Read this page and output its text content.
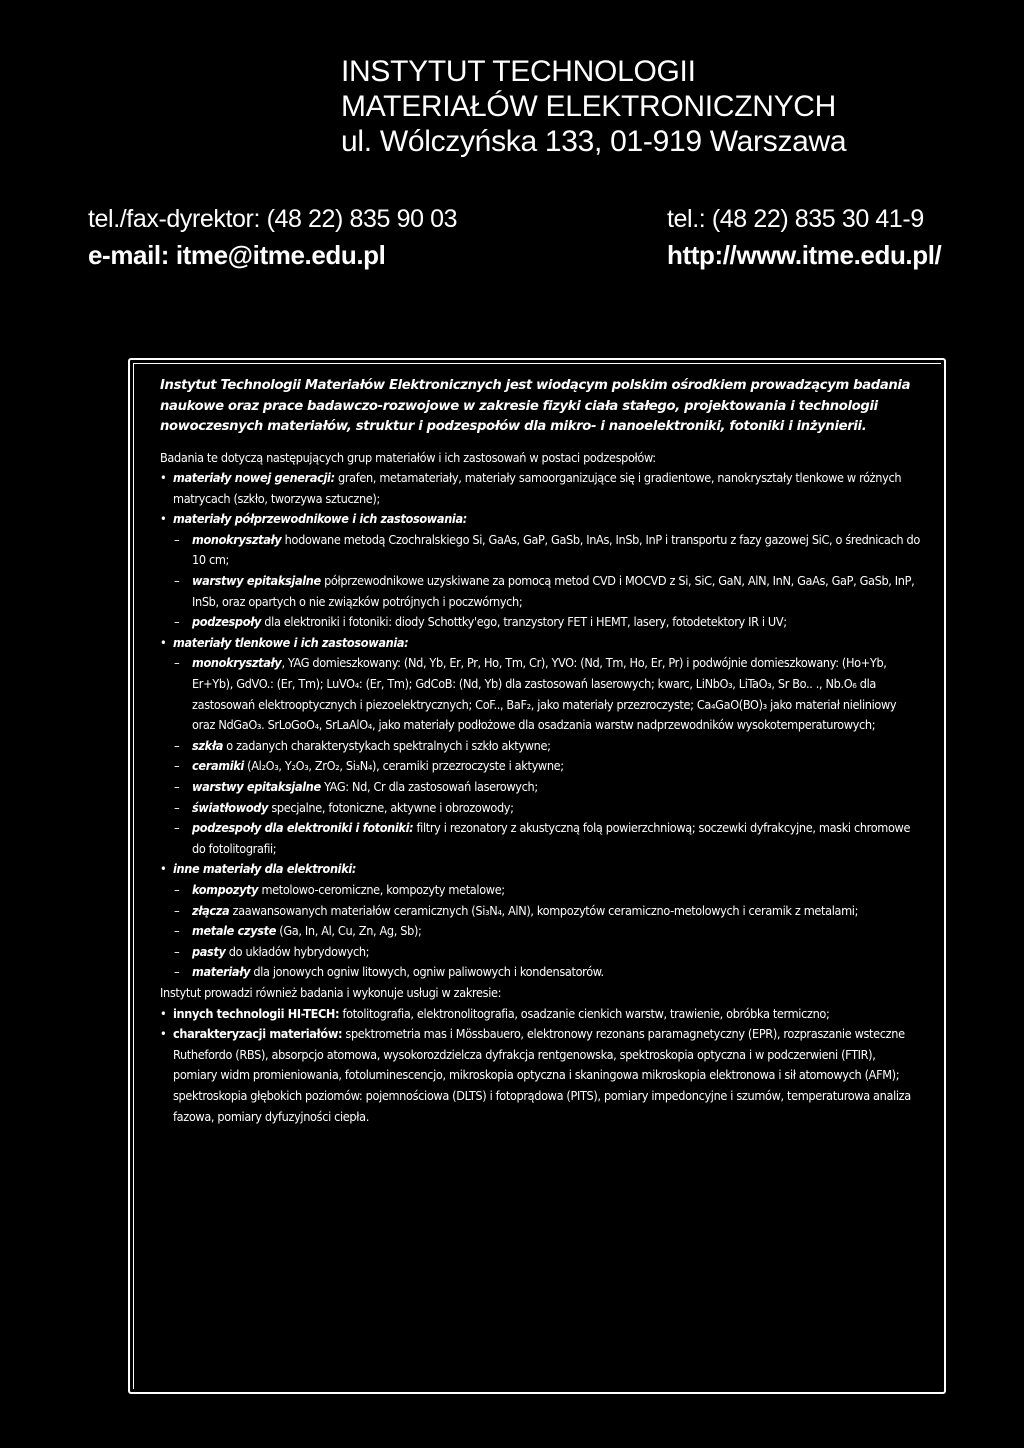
INSTYTUT TECHNOLOGII
MATERIAŁÓW ELEKTRONICZNYCH
ul. Wólczyńska 133, 01-919 Warszawa
tel./fax-dyrektor: (48 22) 835 90 03	tel.: (48 22) 835 30 41-9
e-mail: itme@itme.edu.pl	http://www.itme.edu.pl/

Instytut Technologii Materiałów Elektronicznych jest wiodącym polskim ośrodkiem prowadzącym badania naukowe oraz prace badawczo-rozwojowe w zakresie fizyki ciała stałego, projektowania i technologii nowoczesnych materiałów, struktur i podzespołów dla mikro- i nanoelektroniki, fotoniki i inżynierii.

Badania te dotyczą następujących grup materiałów i ich zastosowań w postaci podzespołów:

• materiały nowej generacji: grafen, metamateriały, materiały samoorganizujące się i gradientowe, nanokryształy tlenkowe w różnych matrycach (szkło, tworzywa sztuczne);
• materiały półprzewodnikowe i ich zastosowania:
–	monokryształy hodowane metodą Czochralskiego Si, GaAs, GaP, GaSb, InAs, InSb, InP i transportu z fazy gazowej SiC, o średnicach do 10 cm;
–	warstwy epitaksjalne półprzewodnikowe uzyskiwane za pomocą metod CVD i MOCVD z Si, SiC, GaN, AlN, InN, GaAs, GaP, GaSb, InP, InSb, oraz opartych o nie związków potrójnych i poczwórnych;
–	podzespoły dla elektroniki i fotoniki: diody Schottky'ego, tranzystory FET i HEMT, lasery, fotodetektory IR i UV;
• materiały tlenkowe i ich zastosowania:
–	monokryształy, YAG domieszkowany: (Nd, Yb, Er, Pr, Ho, Tm, Cr), YVO: (Nd, Tm, Ho, Er, Pr) i podwójnie domieszkowany: (Ho+Yb, Er+Yb), GdVO.: (Er, Tm); LuVO₄: (Er, Tm); GdCoB: (Nd, Yb) dla zastosowań laserowych; kwarc, LiNbO₃, LiTaO₃, Sr Bo.. ., Nb.O₆ dla zastosowań elektrooptycznych i piezoelektrycznych; CoF.., BaF₂, jako materiały przezroczyste; Ca₄GaO(BO)₃ jako materiał nieliniowy oraz NdGaO₃. SrLoGoO₄, SrLaAlO₄, jako materiały podłożowe dla osadzania warstw nadprzewodników wysokotemperaturowych;
–	szkła o zadanych charakterystykach spektralnych i szkło aktywne;
–	ceramiki (Al₂O₃, Y₂O₃, ZrO₂, Si₃N₄), ceramiki przezroczyste i aktywne;
–	warstwy epitaksjalne YAG: Nd, Cr dla zastosowań laserowych;
–	światłowody specjalne, fotoniczne, aktywne i obrozowody;
–	podzespoły dla elektroniki i fotoniki: filtry i rezonatory z akustyczną folą powierzchniową; soczewki dyfrakcyjne, maski chromowe do fotolitografii;
• inne materiały dla elektroniki:
–	kompozyty metolowo-ceromiczne, kompozyty metalowe;
–	złącza zaawansowanych materiałów ceramicznych (Si₃N₄, AlN), kompozytów ceramiczno-metolowych i ceramik z metalami;
–	metale czyste (Ga, In, Al, Cu, Zn, Ag, Sb);
–	pasty do układów hybrydowych;
–	materiały dla jonowych ogniw litowych, ogniw paliwowych i kondensatorów.

Instytut prowadzi również badania i wykonuje usługi w zakresie:

• innych technologii HI-TECH: fotolitografia, elektronolitografia, osadzanie cienkich warstw, trawienie, obróbka termiczno;
• charakteryzacji materiałów: spektrometria mas i Mössbauero, elektronowy rezonans paramagnetyczny (EPR), rozpraszanie wsteczne Ruthefordo (RBS), absorpcjo atomowa, wysokorozdzielcza dyfrakcja rentgenowska, spektroskopia optyczna i w podczerwieni (FTIR), pomiary widm promieniowania, fotoluminescencjo, mikroskopia optyczna i skaningowa mikroskopia elektronowa i sił atomowych (AFM); spektroskopia głębokich poziomów: pojemnościowa (DLTS) i fotoprądowa (PITS), pomiary impedoncyjne i szumów, temperaturowa analiza fazowa, pomiary dyfuzyjności ciepła.
